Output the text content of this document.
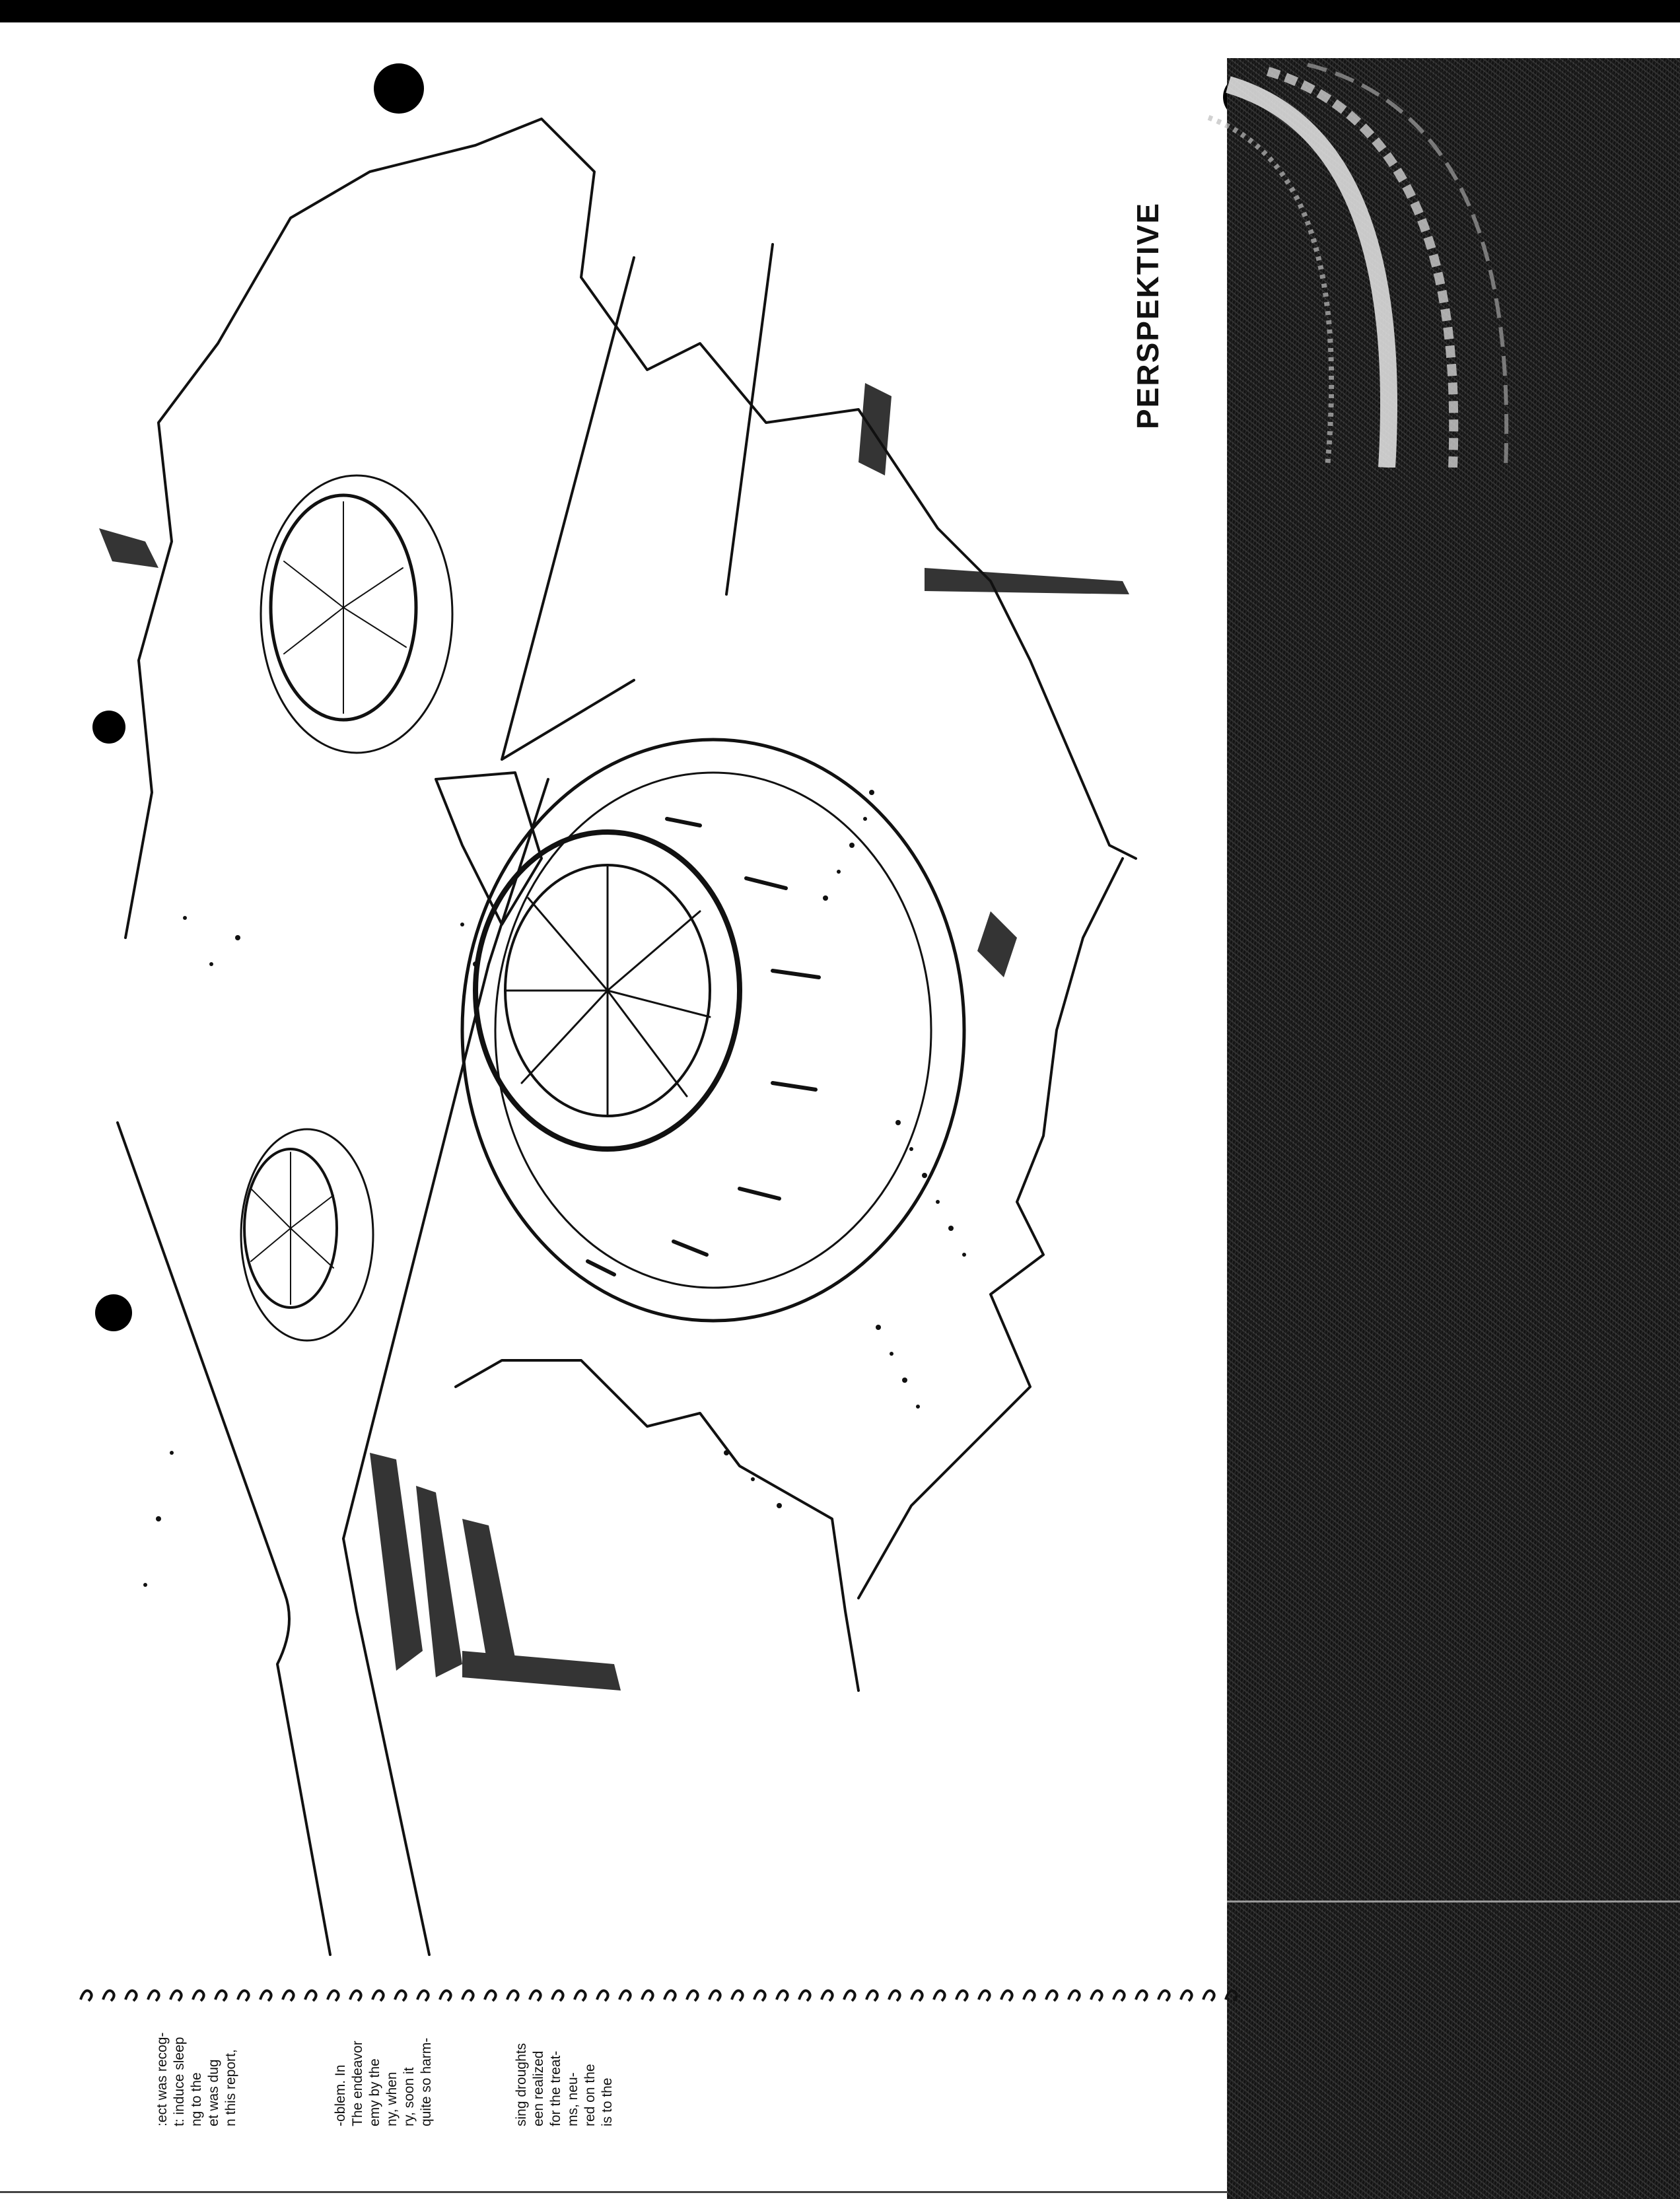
PERSPEKTIVE
:ect was recog- t: induce sleep ng to the et was dug n this report,	-oblem. In The endeavor emy by the ny, when ry, soon it quite so harm-	sing droughts een realized for the treat- ms, neu- red on the is to the
